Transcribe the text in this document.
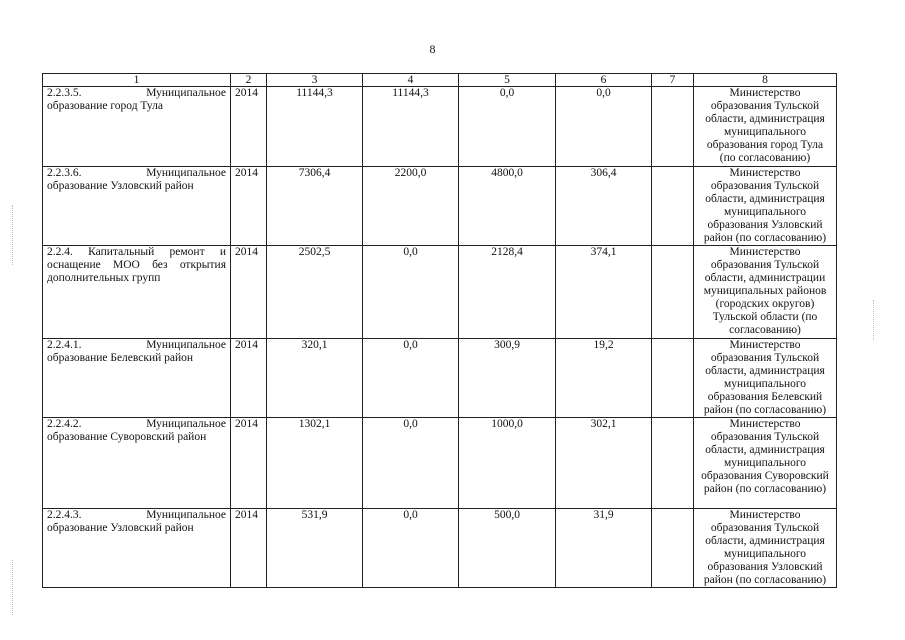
8
1	2	3	4	5	6	7	8
2.2.3.5. Муниципальное образование город Тула	2014	11144,3	11144,3	0,0	0,0		Министерство образования Тульской области, администрация муниципального образования город Тула (по согласованию)
2.2.3.6. Муниципальное образование Узловский район	2014	7306,4	2200,0	4800,0	306,4		Министерство образования Тульской области, администрация муниципального образования Узловский район (по согласованию)
2.2.4. Капитальный ремонт и оснащение МОО без открытия дополнительных групп	2014	2502,5	0,0	2128,4	374,1		Министерство образования Тульской области, администрации муниципальных районов (городских округов) Тульской области (по согласованию)
2.2.4.1. Муниципальное образование Белевский район	2014	320,1	0,0	300,9	19,2		Министерство образования Тульской области, администрация муниципального образования Белевский район (по согласованию)
2.2.4.2. Муниципальное образование Суворовский район	2014	1302,1	0,0	1000,0	302,1		Министерство образования Тульской области, администрация муниципального образования Суворовский район (по согласованию)
2.2.4.3. Муниципальное образование Узловский район	2014	531,9	0,0	500,0	31,9		Министерство образования Тульской области, администрация муниципального образования Узловский район (по согласованию)
